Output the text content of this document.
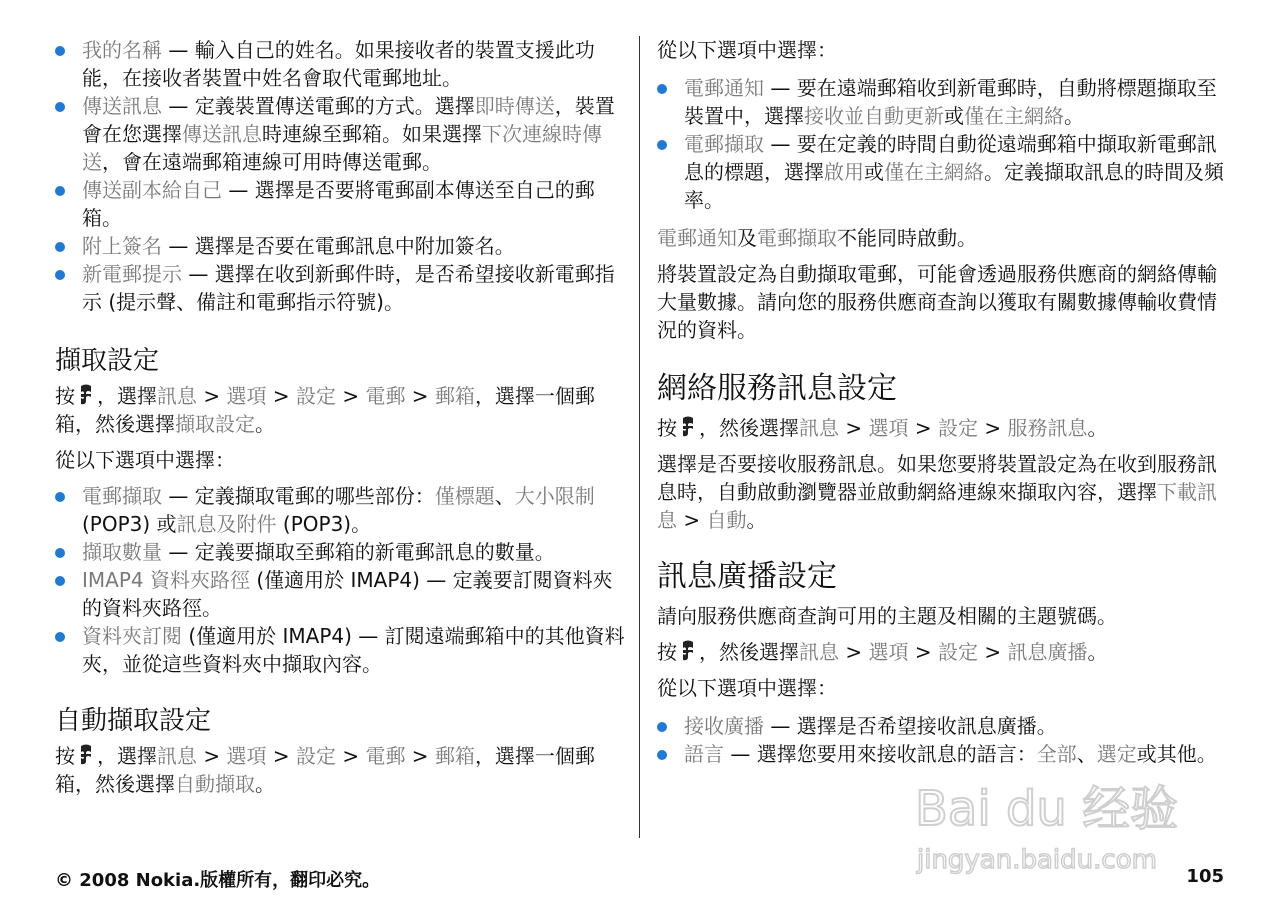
我的名稱 — 輸入自己的姓名。如果接收者的裝置支援此功能，在接收者裝置中姓名會取代電郵地址。
傳送訊息 — 定義裝置傳送電郵的方式。選擇即時傳送，裝置會在您選擇傳送訊息時連線至郵箱。如果選擇下次連線時傳送，會在遠端郵箱連線可用時傳送電郵。
傳送副本給自己 — 選擇是否要將電郵副本傳送至自己的郵箱。
附上簽名 — 選擇是否要在電郵訊息中附加簽名。
新電郵提示 — 選擇在收到新郵件時，是否希望接收新電郵指示 (提示聲、備註和電郵指示符號)。
擷取設定

按 ，選擇訊息 > 選項 > 設定 > 電郵 > 郵箱，選擇一個郵箱，然後選擇擷取設定。

從以下選項中選擇：

電郵擷取 — 定義擷取電郵的哪些部份：僅標題、大小限制 (POP3) 或訊息及附件 (POP3)。
擷取數量 — 定義要擷取至郵箱的新電郵訊息的數量。
IMAP4 資料夾路徑 (僅適用於 IMAP4) — 定義要訂閱資料夾的資料夾路徑。
資料夾訂閱 (僅適用於 IMAP4) — 訂閱遠端郵箱中的其他資料夾，並從這些資料夾中擷取內容。
自動擷取設定

按 ，選擇訊息 > 選項 > 設定 > 電郵 > 郵箱，選擇一個郵箱，然後選擇自動擷取。

從以下選項中選擇：

電郵通知 — 要在遠端郵箱收到新電郵時，自動將標題擷取至裝置中，選擇接收並自動更新或僅在主網絡。
電郵擷取 — 要在定義的時間自動從遠端郵箱中擷取新電郵訊息的標題，選擇啟用或僅在主網絡。定義擷取訊息的時間及頻率。

電郵通知及電郵擷取不能同時啟動。

將裝置設定為自動擷取電郵，可能會透過服務供應商的網絡傳輸大量數據。請向您的服務供應商查詢以獲取有關數據傳輸收費情況的資料。

網絡服務訊息設定

按 ，然後選擇訊息 > 選項 > 設定 > 服務訊息。

選擇是否要接收服務訊息。如果您要將裝置設定為在收到服務訊息時，自動啟動瀏覽器並啟動網絡連線來擷取內容，選擇下載訊息 > 自動。

訊息廣播設定

請向服務供應商查詢可用的主題及相關的主題號碼。

按 ，然後選擇訊息 > 選項 > 設定 > 訊息廣播。

從以下選項中選擇：

接收廣播 — 選擇是否希望接收訊息廣播。
語言 — 選擇您要用來接收訊息的語言：全部、選定或其他。
Bai du 经验
jingyan.baidu.com
© 2008 Nokia.版權所有，翻印必究。	105
